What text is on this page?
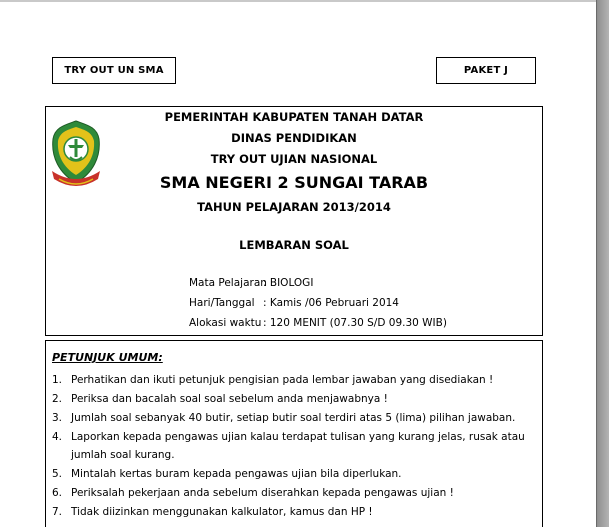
TRY OUT UN SMA	PAKET J
PEMERINTAH KABUPATEN TANAH DATAR
DINAS PENDIDIKAN
TRY OUT UJIAN NASIONAL
SMA NEGERI 2 SUNGAI TARAB
TAHUN PELAJARAN 2013/2014
LEMBARAN SOAL
Mata Pelajaran: BIOLOGI
Hari/Tanggal : Kamis /06 Pebruari 2014
Alokasi waktu : 120 MENIT (07.30 S/D 09.30 WIB)
PETUNJUK UMUM:
1. Perhatikan dan ikuti petunjuk pengisian pada lembar jawaban yang disediakan !
2. Periksa dan bacalah soal soal sebelum anda menjawabnya !
3. Jumlah soal sebanyak 40 butir, setiap butir soal terdiri atas 5 (lima) pilihan jawaban.
4. Laporkan kepada pengawas ujian kalau terdapat tulisan yang kurang jelas, rusak atau jumlah soal kurang.
5. Mintalah kertas buram kepada pengawas ujian bila diperlukan.
6. Periksalah pekerjaan anda sebelum diserahkan kepada pengawas ujian !
7. Tidak diizinkan menggunakan kalkulator, kamus dan HP !
